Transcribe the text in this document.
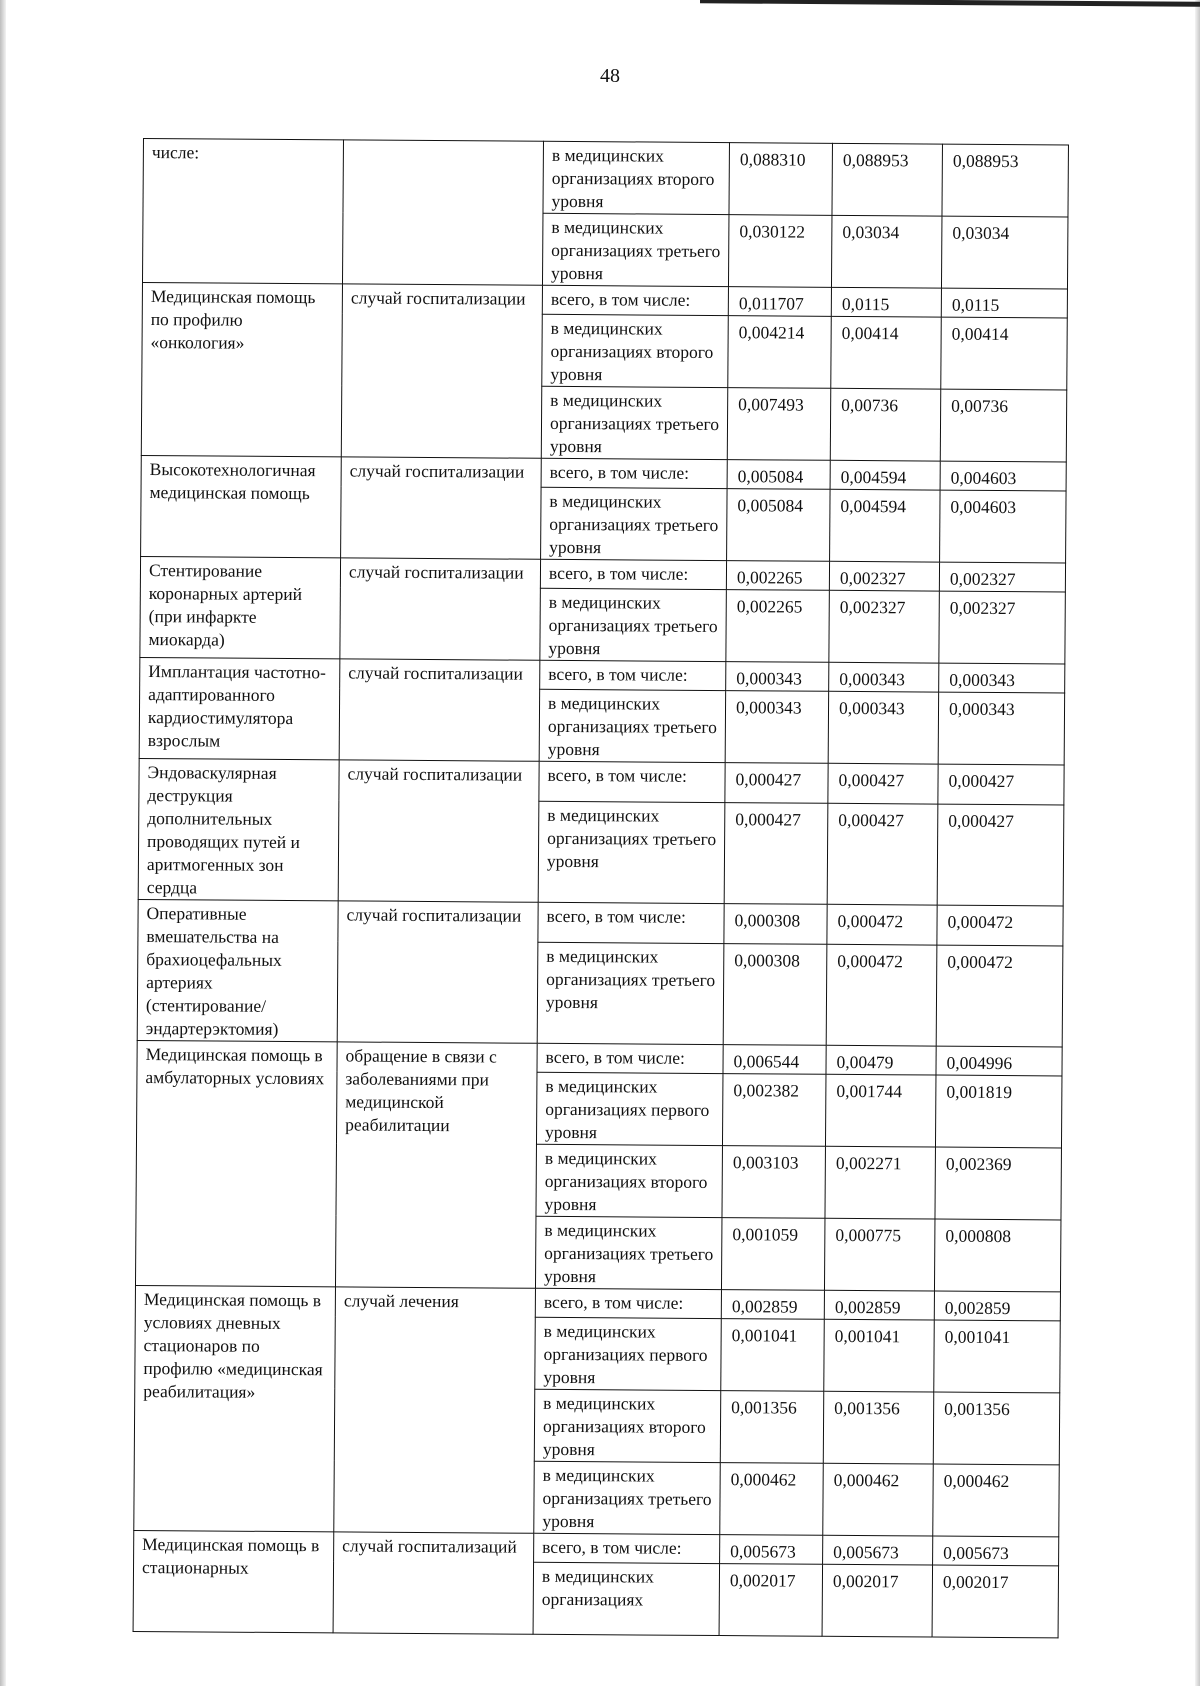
48
числе:		в медицинских организациях второго уровня	0,088310	0,088953	0,088953
		в медицинских организациях третьего уровня	0,030122	0,03034	0,03034
Медицинская помощь по профилю «онкология»	случай госпитализации	всего, в том числе:	0,011707	0,0115	0,0115
		в медицинских организациях второго уровня	0,004214	0,00414	0,00414
		в медицинских организациях третьего уровня	0,007493	0,00736	0,00736
Высокотехнологичная медицинская помощь	случай госпитализации	всего, в том числе:	0,005084	0,004594	0,004603
		в медицинских организациях третьего уровня	0,005084	0,004594	0,004603
Стентирование коронарных артерий (при инфаркте миокарда)	случай госпитализации	всего, в том числе:	0,002265	0,002327	0,002327
		в медицинских организациях третьего уровня	0,002265	0,002327	0,002327
Имплантация частотно-адаптированного кардиостимулятора взрослым	случай госпитализации	всего, в том числе:	0,000343	0,000343	0,000343
		в медицинских организациях третьего уровня	0,000343	0,000343	0,000343
Эндоваскулярная деструкция дополнительных проводящих путей и аритмогенных зон сердца	случай госпитализации	всего, в том числе:	0,000427	0,000427	0,000427
		в медицинских организациях третьего уровня	0,000427	0,000427	0,000427
Оперативные вмешательства на брахиоцефальных артериях (стентирование/эндартерэктомия)	случай госпитализации	всего, в том числе:	0,000308	0,000472	0,000472
		в медицинских организациях третьего уровня	0,000308	0,000472	0,000472
Медицинская помощь в амбулаторных условиях	обращение в связи с заболеваниями при медицинской реабилитации	всего, в том числе:	0,006544	0,00479	0,004996
		в медицинских организациях первого уровня	0,002382	0,001744	0,001819
		в медицинских организациях второго уровня	0,003103	0,002271	0,002369
		в медицинских организациях третьего уровня	0,001059	0,000775	0,000808
Медицинская помощь в условиях дневных стационаров по профилю «медицинская реабилитация»	случай лечения	всего, в том числе:	0,002859	0,002859	0,002859
		в медицинских организациях первого уровня	0,001041	0,001041	0,001041
		в медицинских организациях второго уровня	0,001356	0,001356	0,001356
		в медицинских организациях третьего уровня	0,000462	0,000462	0,000462
Медицинская помощь в стационарных	случай госпитализаций	всего, в том числе:	0,005673	0,005673	0,005673
		в медицинских организациях	0,002017	0,002017	0,002017
